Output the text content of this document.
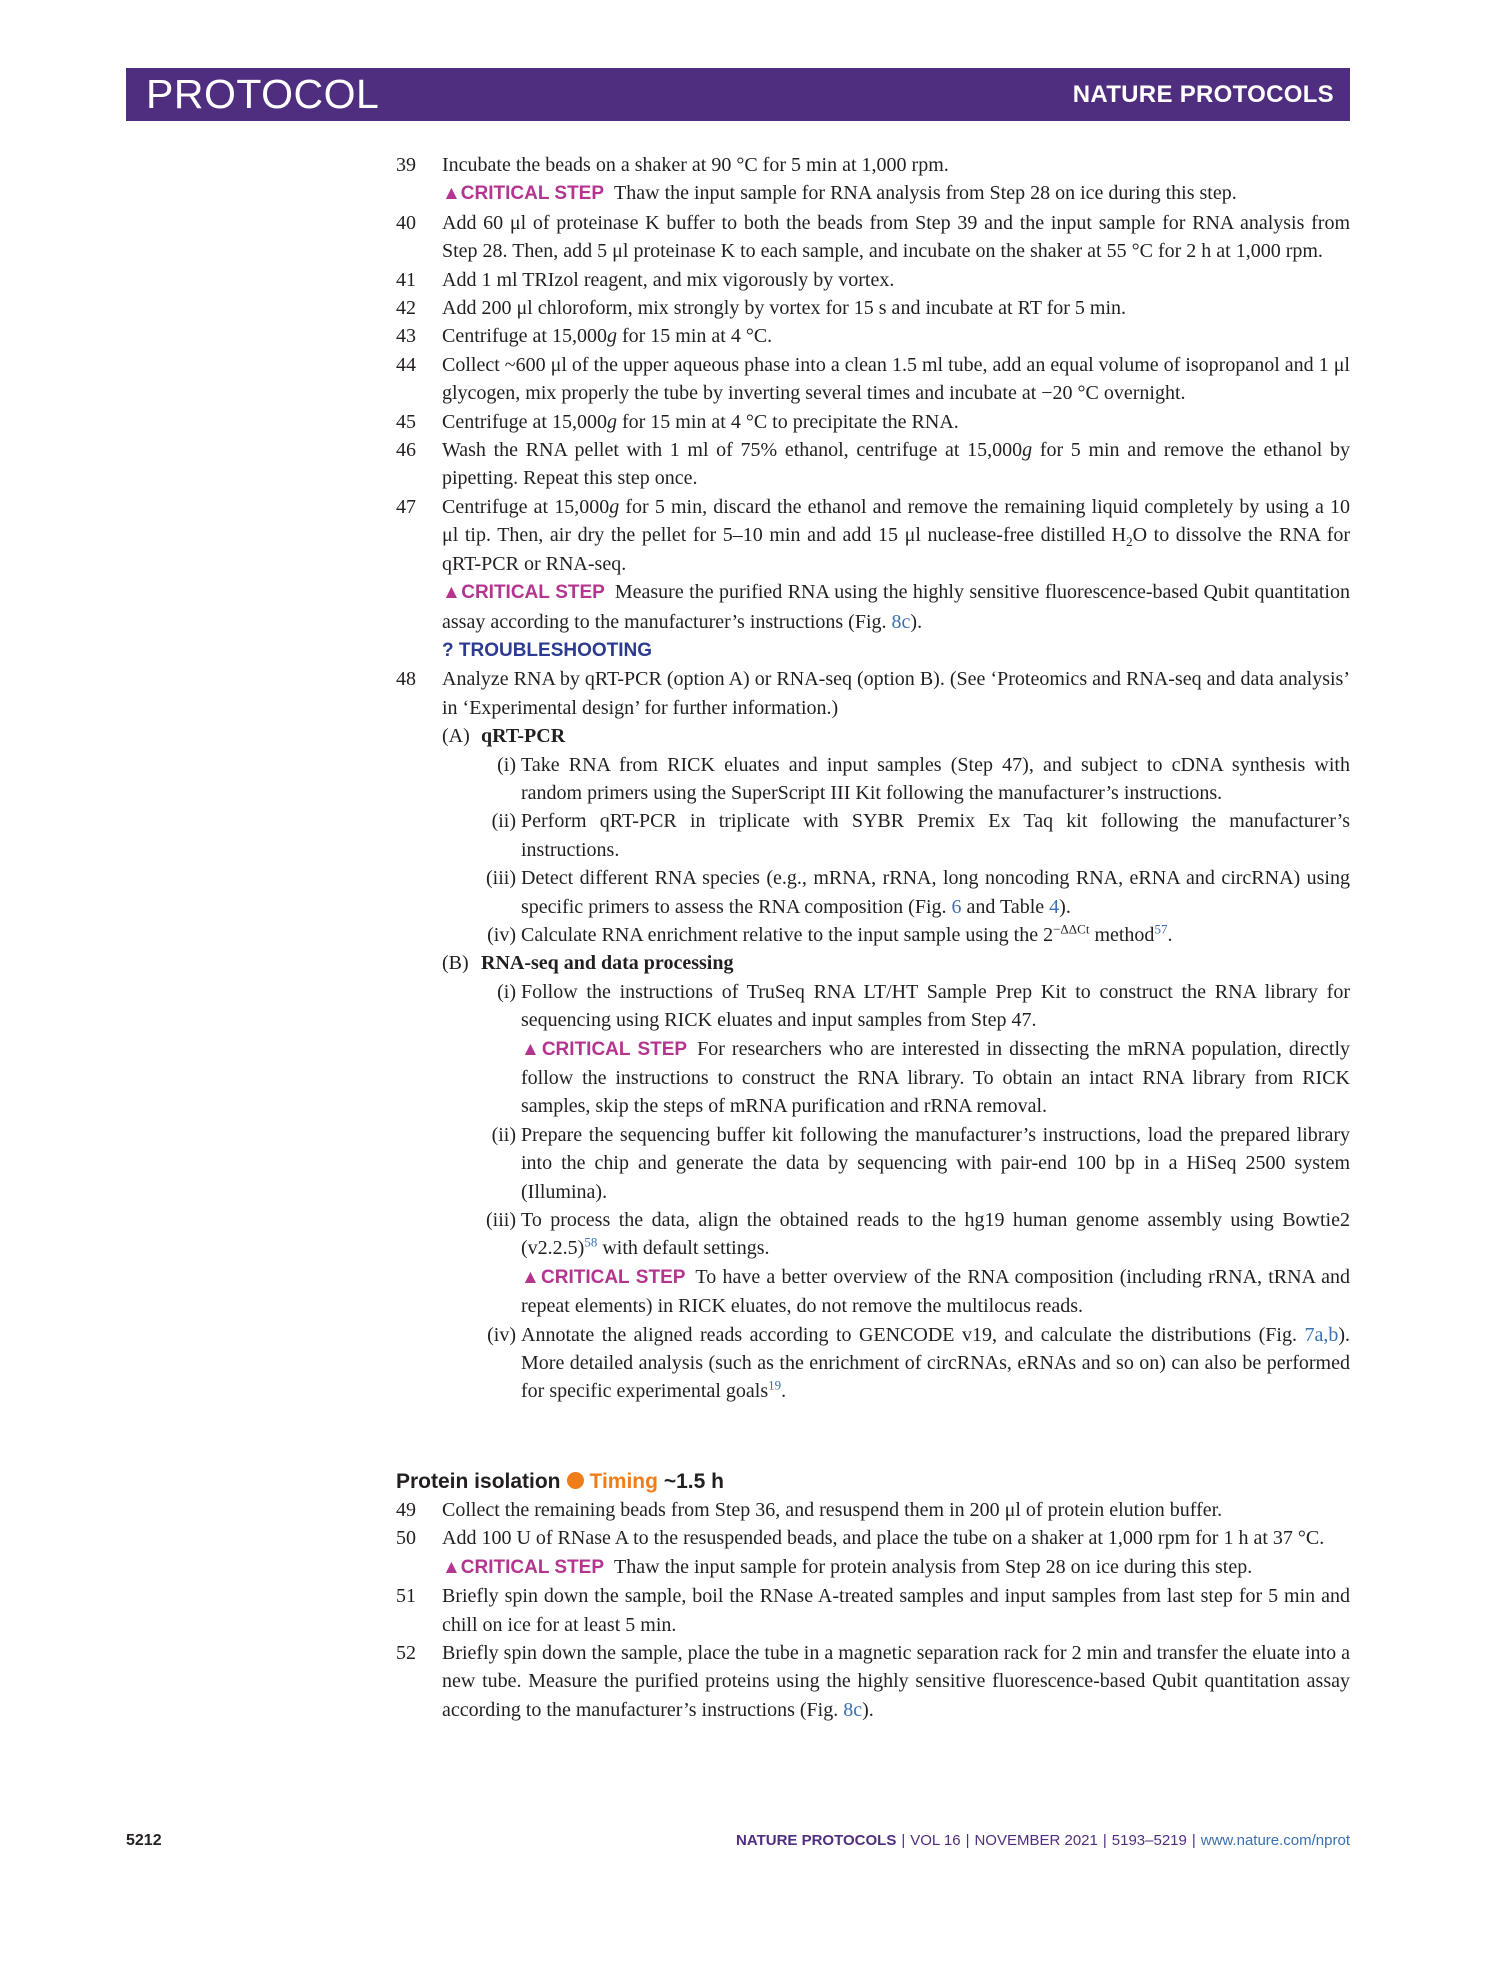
PROTOCOL	NATURE PROTOCOLS

39 Incubate the beads on a shaker at 90 °C for 5 min at 1,000 rpm.

▲CRITICAL STEP Thaw the input sample for RNA analysis from Step 28 on ice during this step.

40 Add 60 μl of proteinase K buffer to both the beads from Step 39 and the input sample for RNA analysis from Step 28. Then, add 5 μl proteinase K to each sample, and incubate on the shaker at 55 °C for 2 h at 1,000 rpm.

41 Add 1 ml TRIzol reagent, and mix vigorously by vortex.

42 Add 200 μl chloroform, mix strongly by vortex for 15 s and incubate at RT for 5 min.

43 Centrifuge at 15,000g for 15 min at 4 °C.

44 Collect ~600 μl of the upper aqueous phase into a clean 1.5 ml tube, add an equal volume of isopropanol and 1 μl glycogen, mix properly the tube by inverting several times and incubate at −20 °C overnight.

45 Centrifuge at 15,000g for 15 min at 4 °C to precipitate the RNA.

46 Wash the RNA pellet with 1 ml of 75% ethanol, centrifuge at 15,000g for 5 min and remove the ethanol by pipetting. Repeat this step once.

47 Centrifuge at 15,000g for 5 min, discard the ethanol and remove the remaining liquid completely by using a 10 μl tip. Then, air dry the pellet for 5–10 min and add 15 μl nuclease-free distilled $H_2O$ to dissolve the RNA for qRT-PCR or RNA-seq.

▲CRITICAL STEP Measure the purified RNA using the highly sensitive fluorescence-based Qubit quantitation assay according to the manufacturer’s instructions (Fig. 8c).

? TROUBLESHOOTING

48 Analyze RNA by qRT-PCR (option A) or RNA-seq (option B). (See ‘Proteomics and RNA-seq and data analysis’ in ‘Experimental design’ for further information.)

(A) qRT-PCR

(i) Take RNA from RICK eluates and input samples (Step 47), and subject to cDNA synthesis with random primers using the SuperScript III Kit following the manufacturer’s instructions.

(ii) Perform qRT-PCR in triplicate with SYBR Premix Ex Taq kit following the manufacturer’s instructions.

(iii) Detect different RNA species (e.g., mRNA, rRNA, long noncoding RNA, eRNA and circRNA) using specific primers to assess the RNA composition (Fig. 6 and Table 4).

(iv) Calculate RNA enrichment relative to the input sample using the $2^{-\Delta\Delta Ct}$ method$^{57}$.

(B) RNA-seq and data processing

(i) Follow the instructions of TruSeq RNA LT/HT Sample Prep Kit to construct the RNA library for sequencing using RICK eluates and input samples from Step 47.

▲CRITICAL STEP For researchers who are interested in dissecting the mRNA population, directly follow the instructions to construct the RNA library. To obtain an intact RNA library from RICK samples, skip the steps of mRNA purification and rRNA removal.

(ii) Prepare the sequencing buffer kit following the manufacturer’s instructions, load the prepared library into the chip and generate the data by sequencing with pair-end 100 bp in a HiSeq 2500 system (Illumina).

(iii) To process the data, align the obtained reads to the hg19 human genome assembly using Bowtie2 $(v2.2.5)^{58}$ with default settings.

▲CRITICAL STEP To have a better overview of the RNA composition (including rRNA, tRNA and repeat elements) in RICK eluates, do not remove the multilocus reads.

(iv) Annotate the aligned reads according to GENCODE v19, and calculate the distributions (Fig. 7a,b). More detailed analysis (such as the enrichment of circRNAs, eRNAs and so on) can also be performed for specific experimental goals$^{19}$.

Protein isolation Timing ~1.5 h

49 Collect the remaining beads from Step 36, and resuspend them in 200 μl of protein elution buffer.

50 Add 100 U of RNase A to the resuspended beads, and place the tube on a shaker at 1,000 rpm for 1 h at 37 °C.

▲CRITICAL STEP Thaw the input sample for protein analysis from Step 28 on ice during this step.

51 Briefly spin down the sample, boil the RNase A-treated samples and input samples from last step for 5 min and chill on ice for at least 5 min.

52 Briefly spin down the sample, place the tube in a magnetic separation rack for 2 min and transfer the eluate into a new tube. Measure the purified proteins using the highly sensitive fluorescence-based Qubit quantitation assay according to the manufacturer’s instructions (Fig. 8c).

5212	NATURE PROTOCOLS | VOL 16 | NOVEMBER 2021 | 5193–5219 | www.nature.com/nprot
